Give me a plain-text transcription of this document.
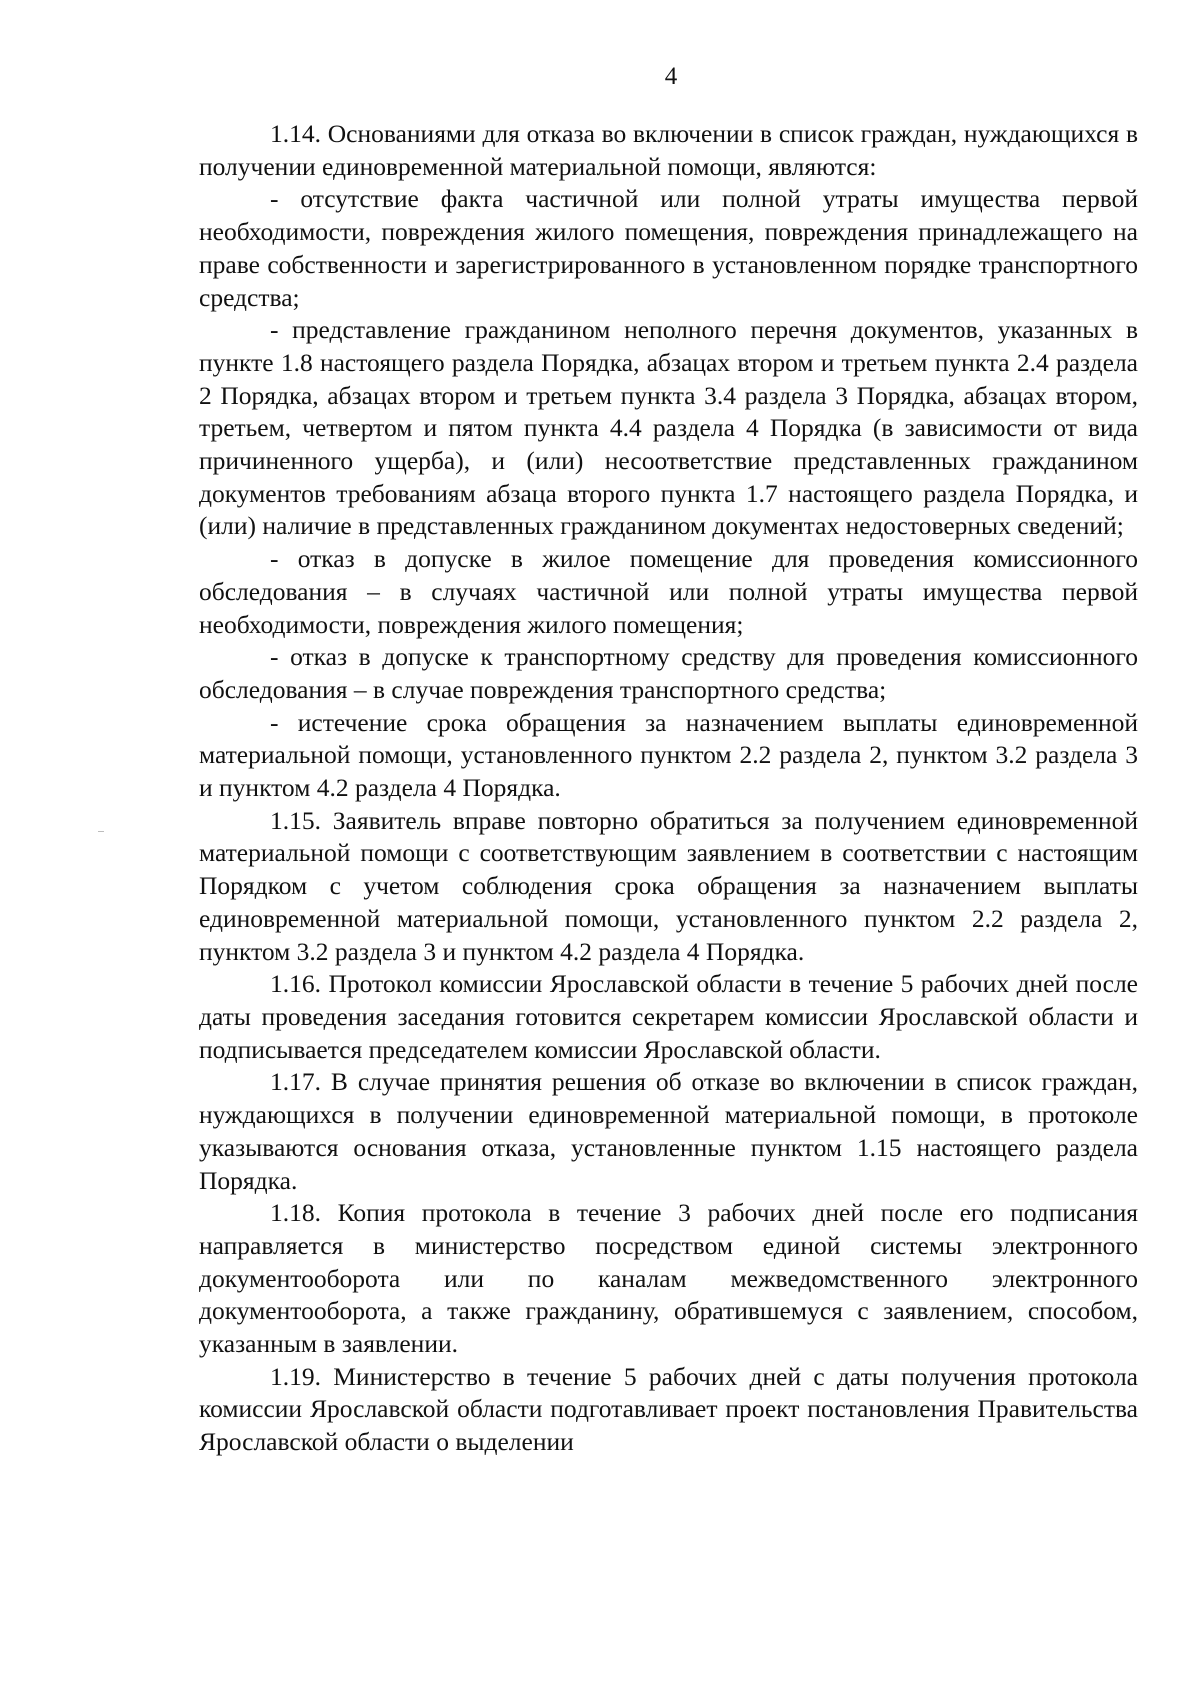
4

1.14. Основаниями для отказа во включении в список граждан, нуждающихся в получении единовременной материальной помощи, являются:

- отсутствие факта частичной или полной утраты имущества первой необходимости, повреждения жилого помещения, повреждения принадлежащего на праве собственности и зарегистрированного в установленном порядке транспортного средства;

- представление гражданином неполного перечня документов, указанных в пункте 1.8 настоящего раздела Порядка, абзацах втором и третьем пункта 2.4 раздела 2 Порядка, абзацах втором и третьем пункта 3.4 раздела 3 Порядка, абзацах втором, третьем, четвертом и пятом пункта 4.4 раздела 4 Порядка (в зависимости от вида причиненного ущерба), и (или) несоответствие представленных гражданином документов требованиям абзаца второго пункта 1.7 настоящего раздела Порядка, и (или) наличие в представленных гражданином документах недостоверных сведений;

- отказ в допуске в жилое помещение для проведения комиссионного обследования – в случаях частичной или полной утраты имущества первой необходимости, повреждения жилого помещения;

- отказ в допуске к транспортному средству для проведения комиссионного обследования – в случае повреждения транспортного средства;

- истечение срока обращения за назначением выплаты единовременной материальной помощи, установленного пунктом 2.2 раздела 2, пунктом 3.2 раздела 3 и пунктом 4.2 раздела 4 Порядка.

1.15. Заявитель вправе повторно обратиться за получением единовременной материальной помощи с соответствующим заявлением в соответствии с настоящим Порядком с учетом соблюдения срока обращения за назначением выплаты единовременной материальной помощи, установленного пунктом 2.2 раздела 2, пунктом 3.2 раздела 3 и пунктом 4.2 раздела 4 Порядка.

1.16. Протокол комиссии Ярославской области в течение 5 рабочих дней после даты проведения заседания готовится секретарем комиссии Ярославской области и подписывается председателем комиссии Ярославской области.

1.17. В случае принятия решения об отказе во включении в список граждан, нуждающихся в получении единовременной материальной помощи, в протоколе указываются основания отказа, установленные пунктом 1.15 настоящего раздела Порядка.

1.18. Копия протокола в течение 3 рабочих дней после его подписания направляется в министерство посредством единой системы электронного документооборота или по каналам межведомственного электронного документооборота, а также гражданину, обратившемуся с заявлением, способом, указанным в заявлении.

1.19. Министерство в течение 5 рабочих дней с даты получения протокола комиссии Ярославской области подготавливает проект постановления Правительства Ярославской области о выделении
